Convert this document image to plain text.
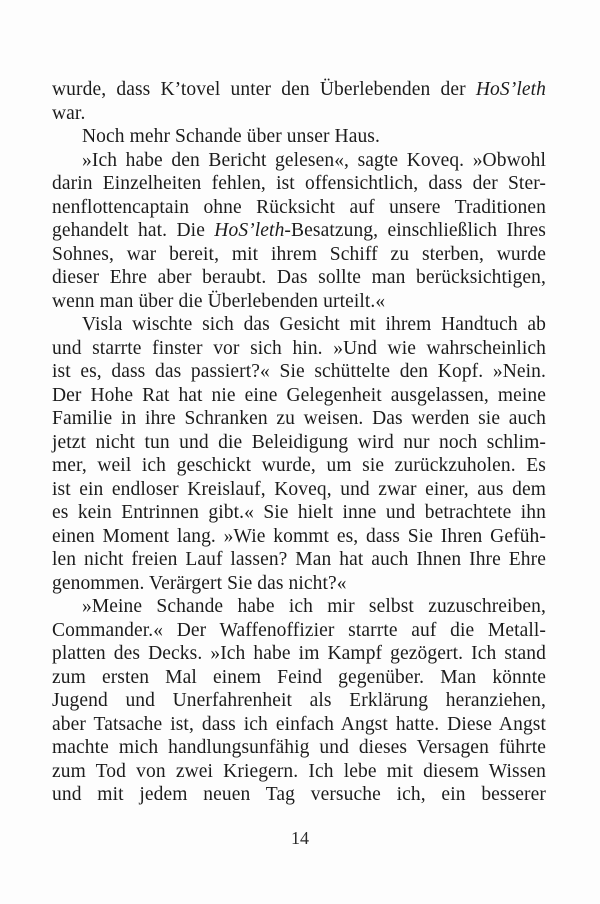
wurde, dass K’tovel unter den Überlebenden der HoS’leth
war.
Noch mehr Schande über unser Haus.
»Ich habe den Bericht gelesen«, sagte Koveq. »Obwohl
darin Einzelheiten fehlen, ist offensichtlich, dass der Ster-
nenflottencaptain ohne Rücksicht auf unsere Traditionen
gehandelt hat. Die HoS’leth-Besatzung, einschließlich Ihres
Sohnes, war bereit, mit ihrem Schiff zu sterben, wurde
dieser Ehre aber beraubt. Das sollte man berücksichtigen,
wenn man über die Überlebenden urteilt.«
Visla wischte sich das Gesicht mit ihrem Handtuch ab
und starrte finster vor sich hin. »Und wie wahrscheinlich
ist es, dass das passiert?« Sie schüttelte den Kopf. »Nein.
Der Hohe Rat hat nie eine Gelegenheit ausgelassen, meine
Familie in ihre Schranken zu weisen. Das werden sie auch
jetzt nicht tun und die Beleidigung wird nur noch schlim-
mer, weil ich geschickt wurde, um sie zurückzuholen. Es
ist ein endloser Kreislauf, Koveq, und zwar einer, aus dem
es kein Entrinnen gibt.« Sie hielt inne und betrachtete ihn
einen Moment lang. »Wie kommt es, dass Sie Ihren Gefüh-
len nicht freien Lauf lassen? Man hat auch Ihnen Ihre Ehre
genommen. Verärgert Sie das nicht?«
»Meine Schande habe ich mir selbst zuzuschreiben,
Commander.« Der Waffenoffizier starrte auf die Metall-
platten des Decks. »Ich habe im Kampf gezögert. Ich stand
zum ersten Mal einem Feind gegenüber. Man könnte
Jugend und Unerfahrenheit als Erklärung heranziehen,
aber Tatsache ist, dass ich einfach Angst hatte. Diese Angst
machte mich handlungsunfähig und dieses Versagen führte
zum Tod von zwei Kriegern. Ich lebe mit diesem Wissen
und mit jedem neuen Tag versuche ich, ein besserer
14
